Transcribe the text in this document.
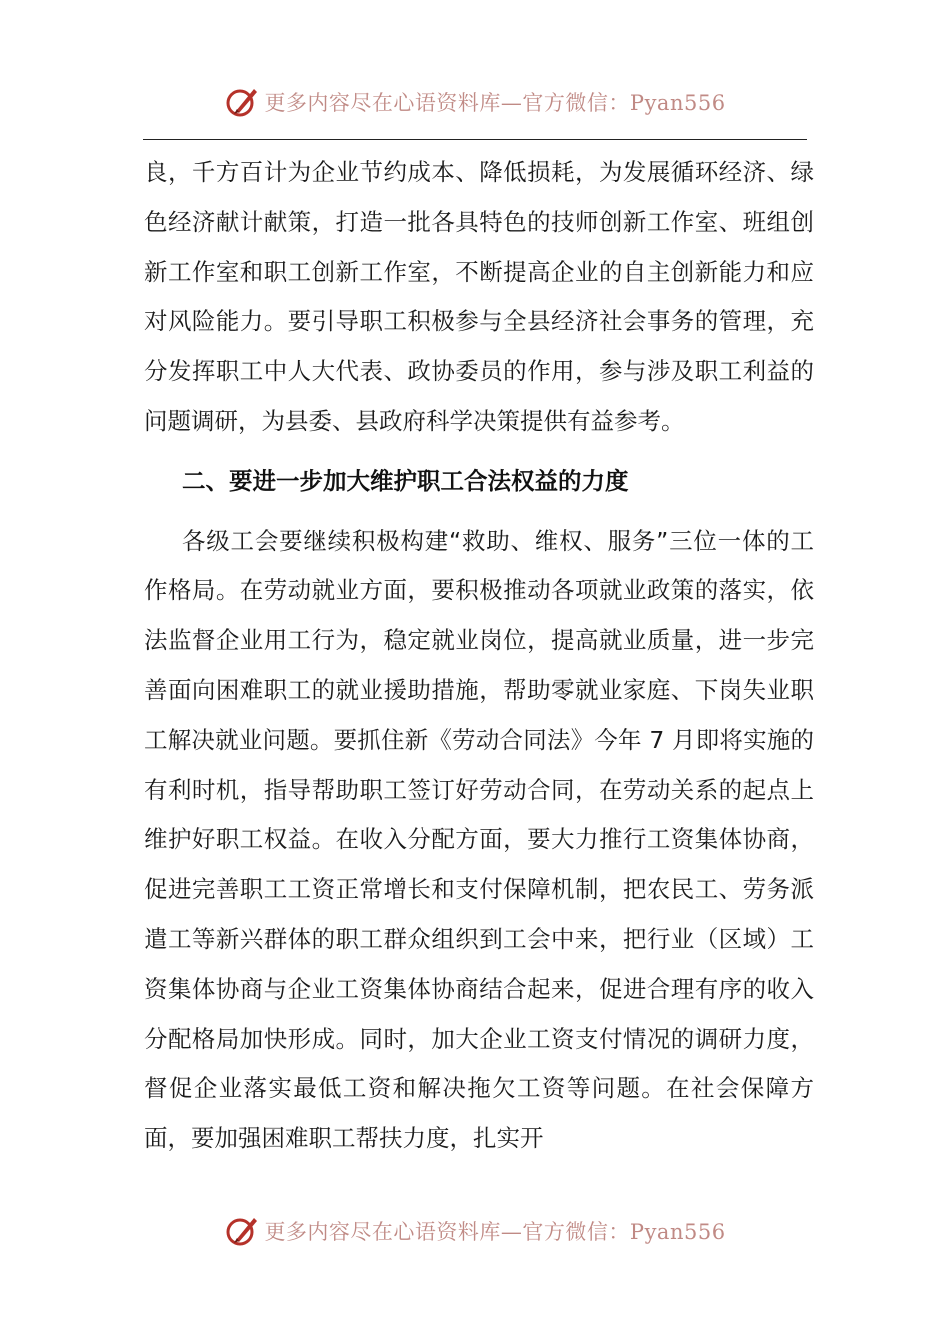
更多内容尽在心语资料库—官方微信：Pyan556

良，千方百计为企业节约成本、降低损耗，为发展循环经济、绿色经济献计献策，打造一批各具特色的技师创新工作室、班组创新工作室和职工创新工作室，不断提高企业的自主创新能力和应对风险能力。要引导职工积极参与全县经济社会事务的管理，充分发挥职工中人大代表、政协委员的作用，参与涉及职工利益的问题调研，为县委、县政府科学决策提供有益参考。

二、要进一步加大维护职工合法权益的力度

各级工会要继续积极构建“救助、维权、服务”三位一体的工作格局。在劳动就业方面，要积极推动各项就业政策的落实，依法监督企业用工行为，稳定就业岗位，提高就业质量，进一步完善面向困难职工的就业援助措施，帮助零就业家庭、下岗失业职工解决就业问题。要抓住新《劳动合同法》今年 7 月即将实施的有利时机，指导帮助职工签订好劳动合同，在劳动关系的起点上维护好职工权益。在收入分配方面，要大力推行工资集体协商，促进完善职工工资正常增长和支付保障机制，把农民工、劳务派遣工等新兴群体的职工群众组织到工会中来，把行业（区域）工资集体协商与企业工资集体协商结合起来，促进合理有序的收入分配格局加快形成。同时，加大企业工资支付情况的调研力度，督促企业落实最低工资和解决拖欠工资等问题。在社会保障方面，要加强困难职工帮扶力度，扎实开

更多内容尽在心语资料库—官方微信：Pyan556
